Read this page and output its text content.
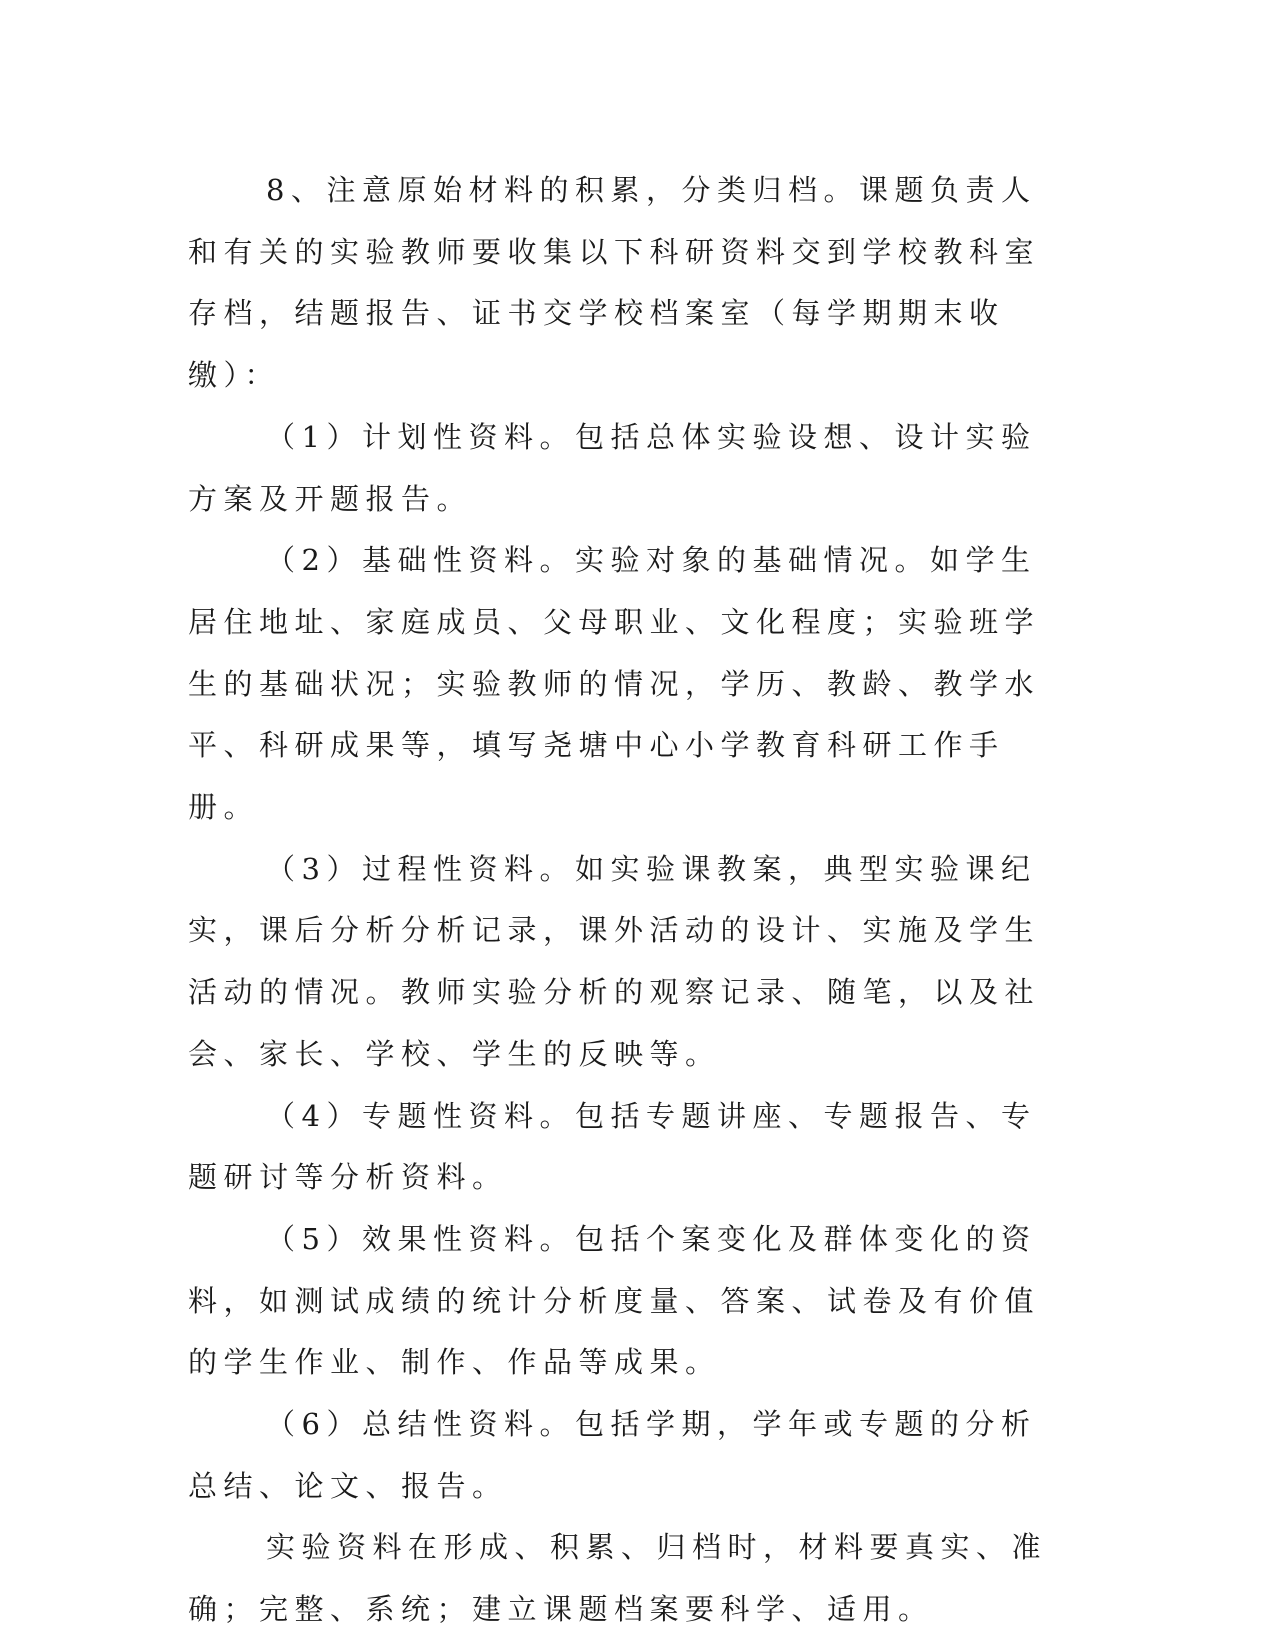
8、注意原始材料的积累，分类归档。课题负责人和有关的实验教师要收集以下科研资料交到学校教科室存档，结题报告、证书交学校档案室（每学期期末收缴）：

（1）计划性资料。包括总体实验设想、设计实验方案及开题报告。

（2）基础性资料。实验对象的基础情况。如学生居住地址、家庭成员、父母职业、文化程度；实验班学生的基础状况；实验教师的情况，学历、教龄、教学水平、科研成果等，填写尧塘中心小学教育科研工作手册。

（3）过程性资料。如实验课教案，典型实验课纪实，课后分析分析记录，课外活动的设计、实施及学生活动的情况。教师实验分析的观察记录、随笔，以及社会、家长、学校、学生的反映等。

（4）专题性资料。包括专题讲座、专题报告、专题研讨等分析资料。

（5）效果性资料。包括个案变化及群体变化的资料，如测试成绩的统计分析度量、答案、试卷及有价值的学生作业、制作、作品等成果。

（6）总结性资料。包括学期，学年或专题的分析总结、论文、报告。

实验资料在形成、积累、归档时，材料要真实、准确；完整、系统；建立课题档案要科学、适用。
